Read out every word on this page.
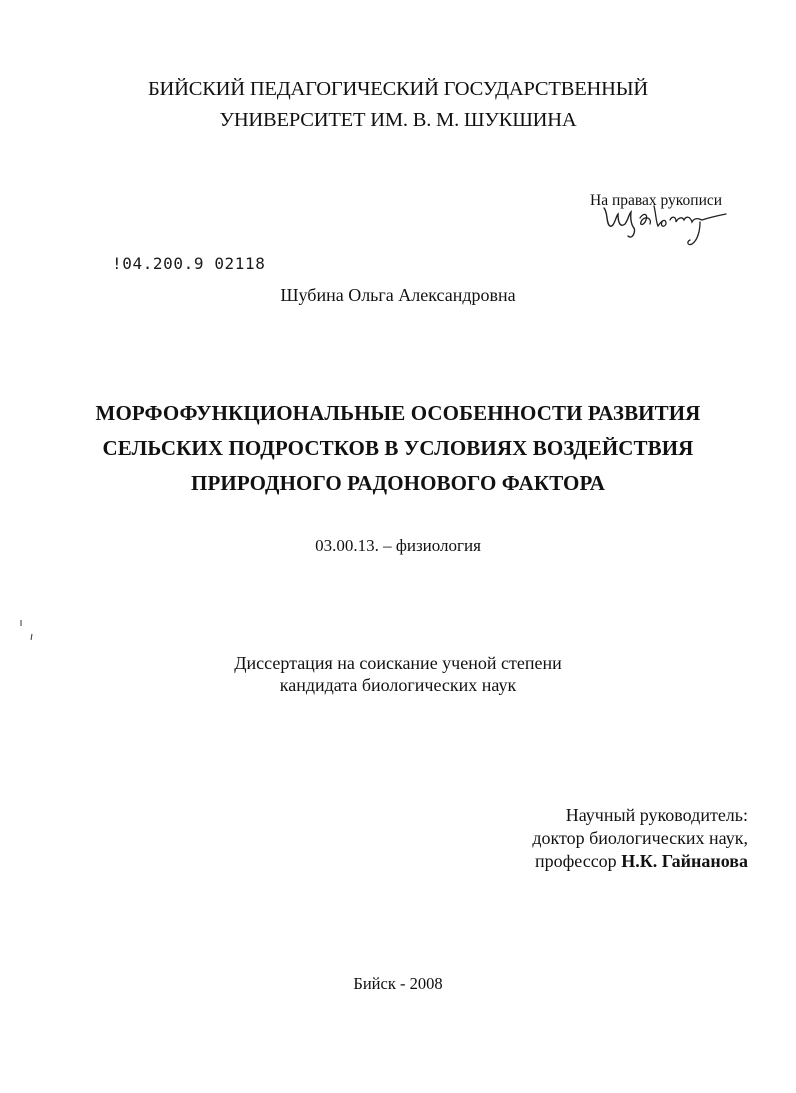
БИЙСКИЙ ПЕДАГОГИЧЕСКИЙ ГОСУДАРСТВЕННЫЙ
УНИВЕРСИТЕТ ИМ. В. М. ШУКШИНА
На правах рукописи
!04.200.9 02118
Шубина Ольга Александровна
МОРФОФУНКЦИОНАЛЬНЫЕ ОСОБЕННОСТИ РАЗВИТИЯ
СЕЛЬСКИХ ПОДРОСТКОВ В УСЛОВИЯХ ВОЗДЕЙСТВИЯ
ПРИРОДНОГО РАДОНОВОГО ФАКТОРА
03.00.13. – физиология
Диссертация на соискание ученой степени
кандидата биологических наук
Научный руководитель:
доктор биологических наук,
профессор Н.К. Гайнанова
Бийск - 2008
